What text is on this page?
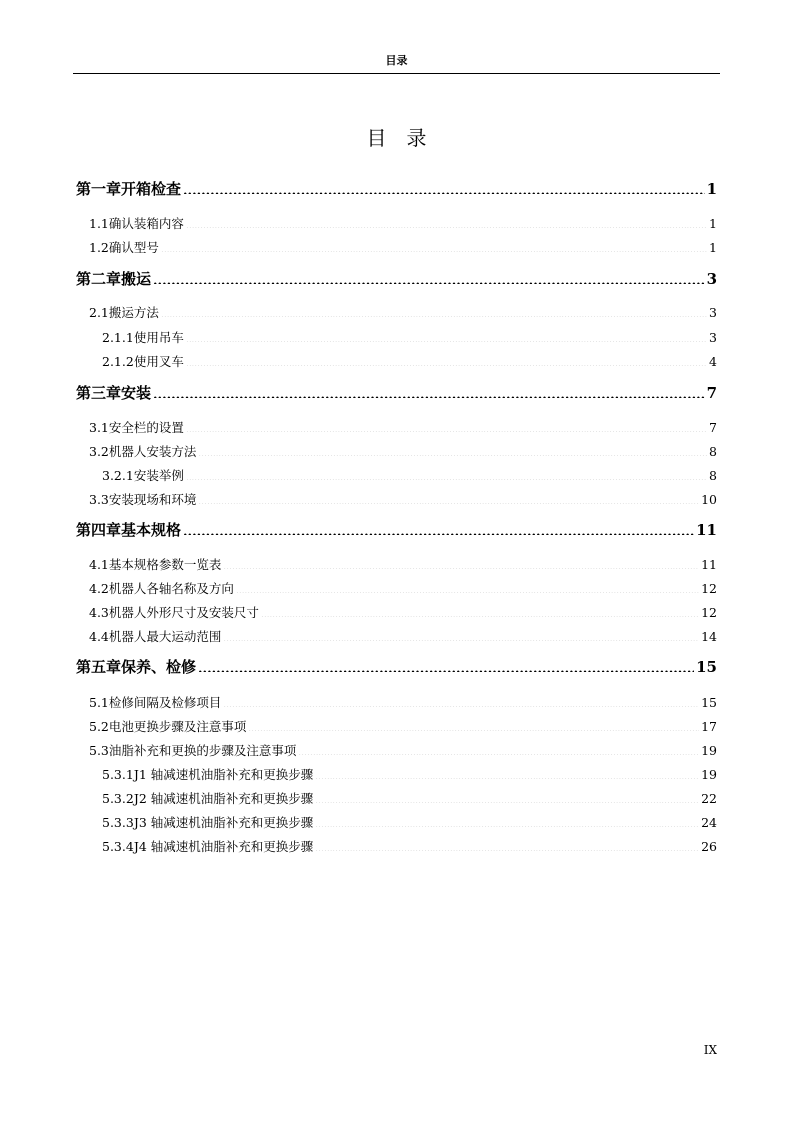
目录
目　录
第一章 开箱检查 .....	1
1.1 确认装箱内容 .....	1
1.2 确认型号 .....	1
第二章 搬运 .....	3
2.1 搬运方法 .....	3
2.1.1 使用吊车 .....	3
2.1.2 使用叉车 .....	4
第三章 安装 .....	7
3.1 安全栏的设置 .....	7
3.2 机器人安装方法 .....	8
3.2.1 安装举例 .....	8
3.3 安装现场和环境 .....	10
第四章 基本规格 .....	11
4.1 基本规格参数一览表 .....	11
4.2 机器人各轴名称及方向 .....	12
4.3 机器人外形尺寸及安装尺寸 .....	12
4.4 机器人最大运动范围 .....	14
第五章 保养、检修 .....	15
5.1 检修间隔及检修项目 .....	15
5.2 电池更换步骤及注意事项 .....	17
5.3 油脂补充和更换的步骤及注意事项 .....	19
5.3.1 J1 轴减速机油脂补充和更换步骤 .....	19
5.3.2 J2 轴减速机油脂补充和更换步骤 .....	22
5.3.3 J3 轴减速机油脂补充和更换步骤 .....	24
5.3.4 J4 轴减速机油脂补充和更换步骤 .....	26
IX
